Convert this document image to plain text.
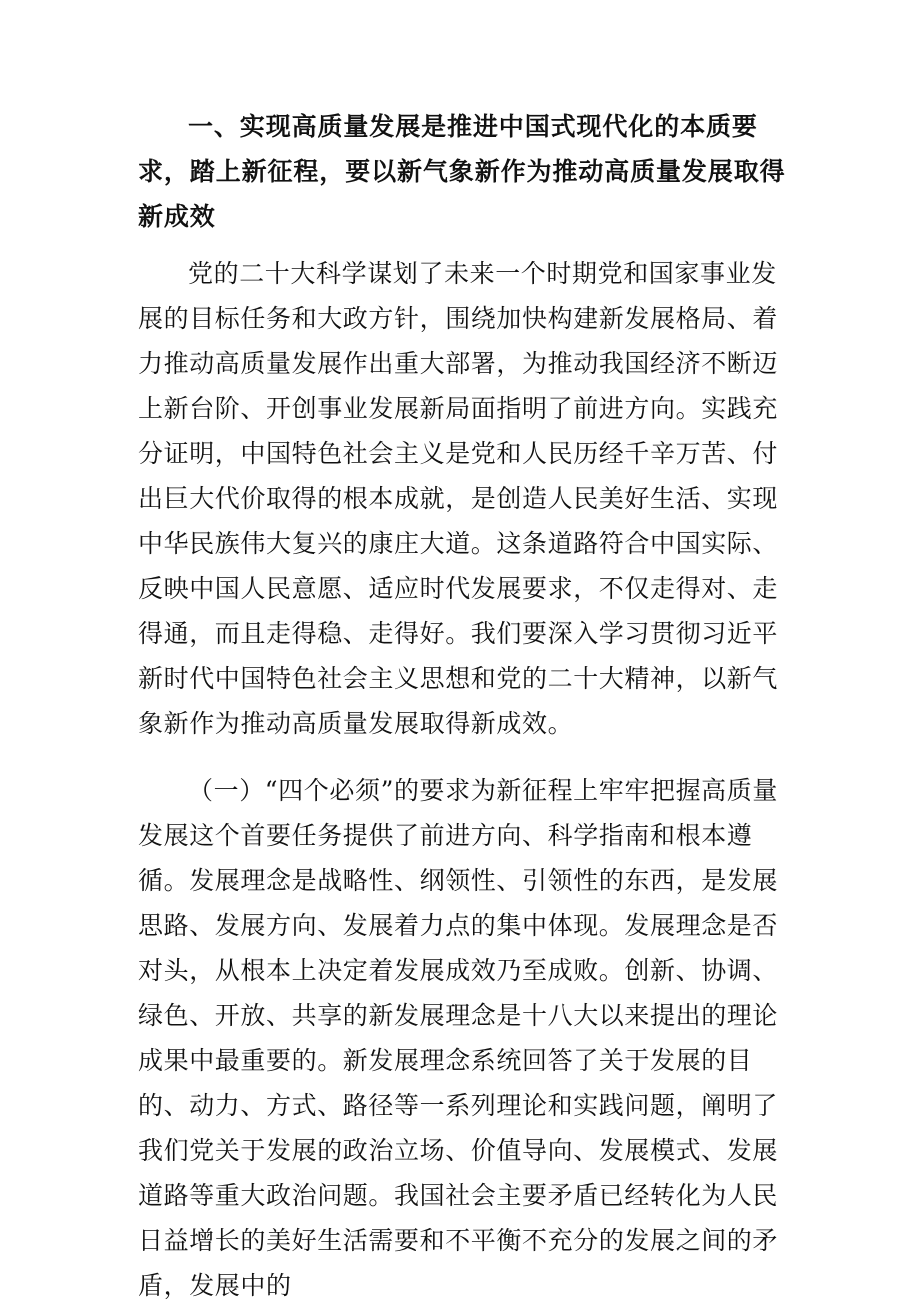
一、实现高质量发展是推进中国式现代化的本质要求，踏上新征程，要以新气象新作为推动高质量发展取得新成效

党的二十大科学谋划了未来一个时期党和国家事业发展的目标任务和大政方针，围绕加快构建新发展格局、着力推动高质量发展作出重大部署，为推动我国经济不断迈上新台阶、开创事业发展新局面指明了前进方向。实践充分证明，中国特色社会主义是党和人民历经千辛万苦、付出巨大代价取得的根本成就，是创造人民美好生活、实现中华民族伟大复兴的康庄大道。这条道路符合中国实际、反映中国人民意愿、适应时代发展要求，不仅走得对、走得通，而且走得稳、走得好。我们要深入学习贯彻习近平新时代中国特色社会主义思想和党的二十大精神，以新气象新作为推动高质量发展取得新成效。

（一）“四个必须”的要求为新征程上牢牢把握高质量发展这个首要任务提供了前进方向、科学指南和根本遵循。发展理念是战略性、纲领性、引领性的东西，是发展思路、发展方向、发展着力点的集中体现。发展理念是否对头，从根本上决定着发展成效乃至成败。创新、协调、绿色、开放、共享的新发展理念是十八大以来提出的理论成果中最重要的。新发展理念系统回答了关于发展的目的、动力、方式、路径等一系列理论和实践问题，阐明了我们党关于发展的政治立场、价值导向、发展模式、发展道路等重大政治问题。我国社会主要矛盾已经转化为人民日益增长的美好生活需要和不平衡不充分的发展之间的矛盾，发展中的
